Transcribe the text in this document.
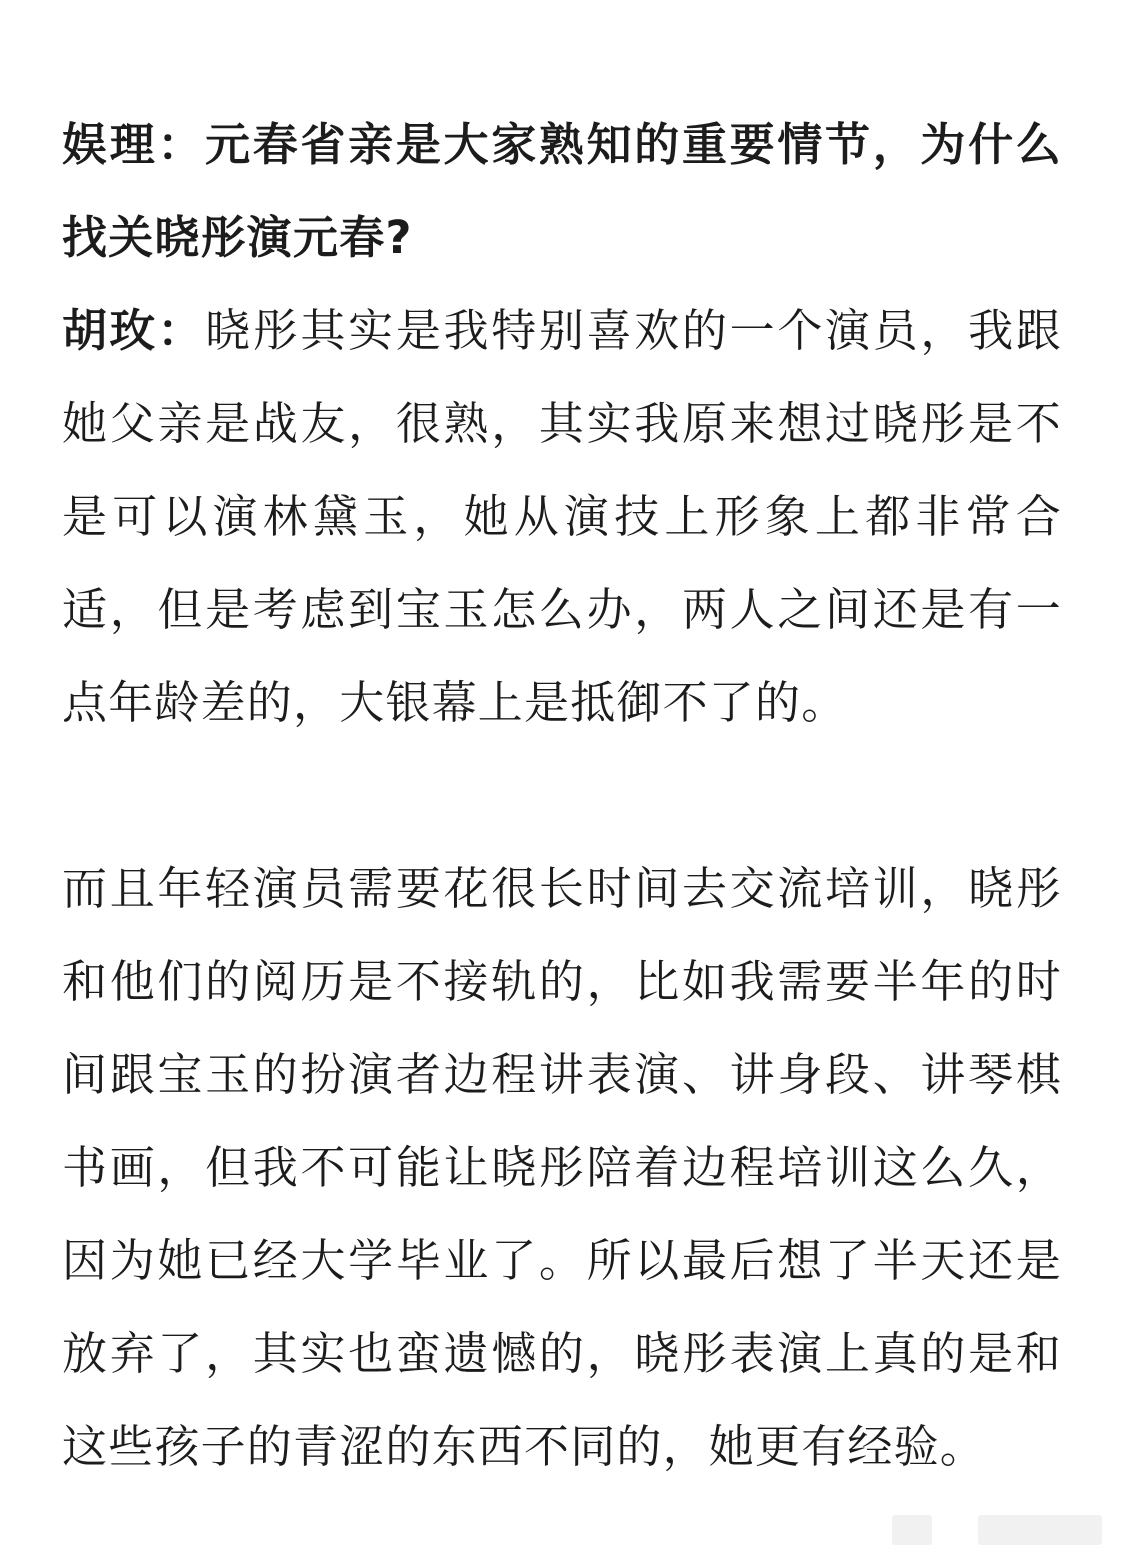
娱理：元春省亲是大家熟知的重要情节，为什么找关晓彤演元春?

胡玫：晓彤其实是我特别喜欢的一个演员，我跟她父亲是战友，很熟，其实我原来想过晓彤是不是可以演林黛玉，她从演技上形象上都非常合适，但是考虑到宝玉怎么办，两人之间还是有一点年龄差的，大银幕上是抵御不了的。

而且年轻演员需要花很长时间去交流培训，晓彤和他们的阅历是不接轨的，比如我需要半年的时间跟宝玉的扮演者边程讲表演、讲身段、讲琴棋书画，但我不可能让晓彤陪着边程培训这么久，因为她已经大学毕业了。所以最后想了半天还是放弃了，其实也蛮遗憾的，晓彤表演上真的是和这些孩子的青涩的东西不同的，她更有经验。
